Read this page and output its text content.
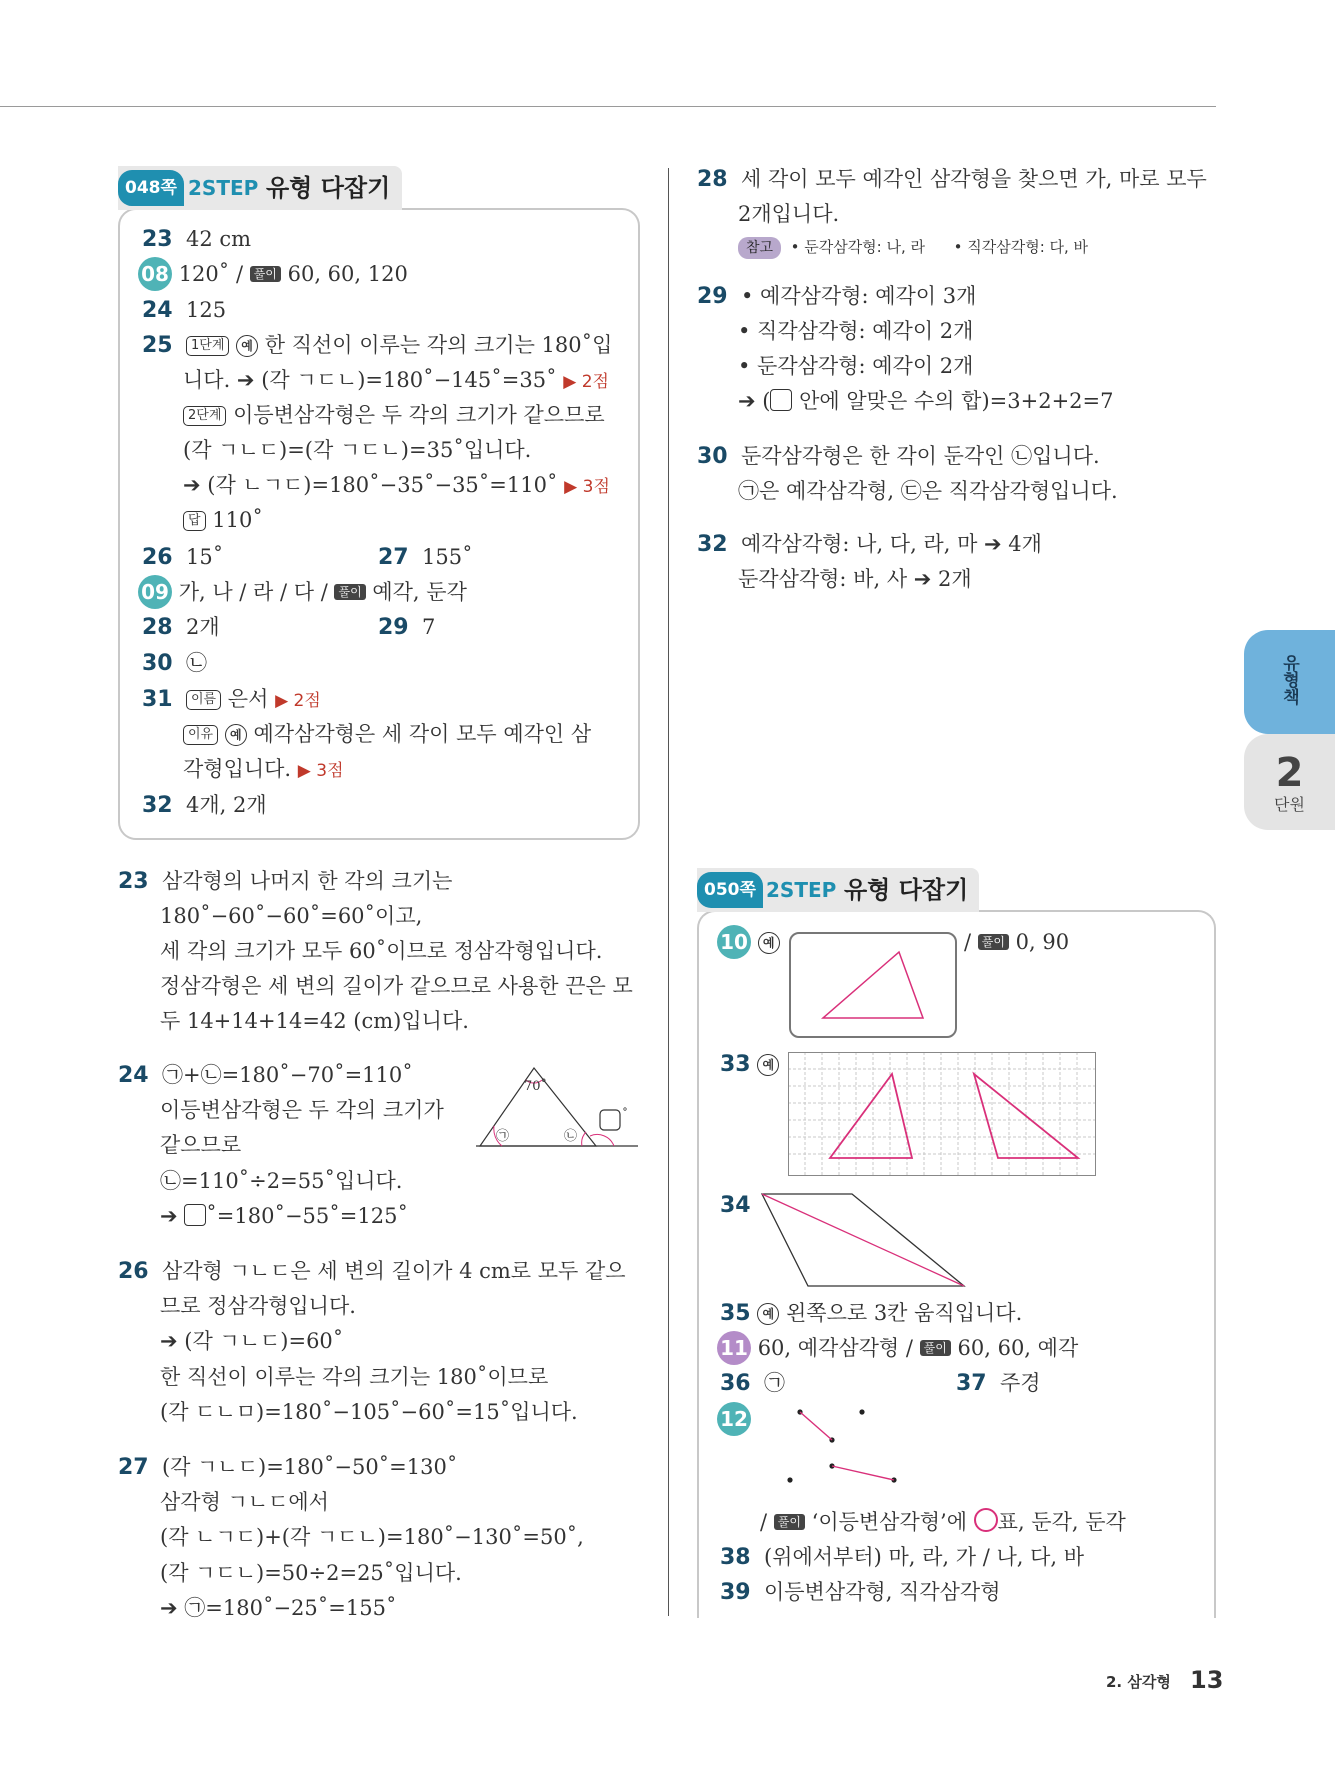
048쪽 2STEP 유형 다잡기
23 42 cm
08 120˚ / 풀이 60, 60, 120
24 125
25 1단계 예 한 직선이 이루는 각의 크기는 180˚입
니다. ➔ (각 ㄱㄷㄴ)=180˚−145˚=35˚ ▶ 2점
2단계 이등변삼각형은 두 각의 크기가 같으므로
(각 ㄱㄴㄷ)=(각 ㄱㄷㄴ)=35˚입니다.
➔ (각 ㄴㄱㄷ)=180˚−35˚−35˚=110˚ ▶ 3점
답 110˚
26 15˚	27 155˚
09 가, 나 / 라 / 다 / 풀이 예각, 둔각
28 2개	29 7
30 ㉡
31 이름 은서 ▶ 2점
이유 예 예각삼각형은 세 각이 모두 예각인 삼
각형입니다. ▶ 3점
32 4개, 2개
23 삼각형의 나머지 한 각의 크기는
180˚−60˚−60˚=60˚이고,
세 각의 크기가 모두 60˚이므로 정삼각형입니다.
정삼각형은 세 변의 길이가 같으므로 사용한 끈은 모
두 14+14+14=42 (cm)입니다.
24 ㉠+㉡=180˚−70˚=110˚
이등변삼각형은 두 각의 크기가
같으므로
㉡=110˚÷2=55˚입니다.
➔ ˚=180˚−55˚=125˚
70˚
㉠	㉡
˚
26 삼각형 ㄱㄴㄷ은 세 변의 길이가 4 cm로 모두 같으
므로 정삼각형입니다.
➔ (각 ㄱㄴㄷ)=60˚
한 직선이 이루는 각의 크기는 180˚이므로
(각 ㄷㄴㅁ)=180˚−105˚−60˚=15˚입니다.
27 (각 ㄱㄴㄷ)=180˚−50˚=130˚
삼각형 ㄱㄴㄷ에서
(각 ㄴㄱㄷ)+(각 ㄱㄷㄴ)=180˚−130˚=50˚,
(각 ㄱㄷㄴ)=50÷2=25˚입니다.
➔ ㉠=180˚−25˚=155˚
28 세 각이 모두 예각인 삼각형을 찾으면 가, 마로 모두
2개입니다.
참고 • 둔각삼각형: 나, 라 • 직각삼각형: 다, 바
29 • 예각삼각형: 예각이 3개
• 직각삼각형: 예각이 2개
• 둔각삼각형: 예각이 2개
➔ ( 안에 알맞은 수의 합)=3+2+2=7
30 둔각삼각형은 한 각이 둔각인 ㉡입니다.
㉠은 예각삼각형, ㉢은 직각삼각형입니다.
32 예각삼각형: 나, 다, 라, 마 ➔ 4개
둔각삼각형: 바, 사 ➔ 2개
050쪽 2STEP 유형 다잡기
10 예	/ 풀이 0, 90
33 예
34
35 예 왼쪽으로 3칸 움직입니다.
11 60, 예각삼각형 / 풀이 60, 60, 예각
36 ㉠	37 주경
12
/ 풀이 ‘이등변삼각형’에 표, 둔각, 둔각
38 (위에서부터) 마, 라, 가 / 나, 다, 바
39 이등변삼각형, 직각삼각형
유형책
2
단원
2. 삼각형 13
